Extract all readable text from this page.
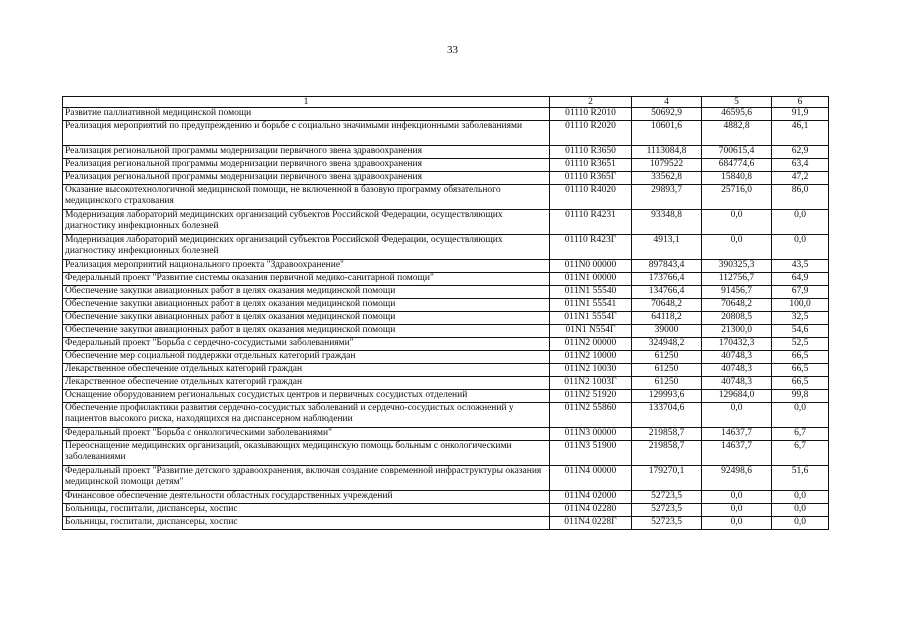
33
1	2	4	5	6
Развитие паллиативной медицинской помощи	01110 R2010	50692,9	46595,6	91,9
Реализация мероприятий по предупреждению и борьбе с социально значимыми инфекционными заболеваниями	01110 R2020	10601,6	4882,8	46,1
Реализация региональной программы модернизации первичного звена здравоохранения	01110 R3650	1113084,8	700615,4	62,9
Реализация региональной программы модернизации первичного звена здравоохранения	01110 R3651	1079522	684774,6	63,4
Реализация региональной программы модернизации первичного звена здравоохранения	01110 R365Г	33562,8	15840,8	47,2
Оказание высокотехнологичной медицинской помощи, не включенной в базовую программу обязательного медицинского страхования	01110 R4020	29893,7	25716,0	86,0
Модернизация лабораторий медицинских организаций субъектов Российской Федерации, осуществляющих диагностику инфекционных болезней	01110 R4231	93348,8	0,0	0,0
Модернизация лабораторий медицинских организаций субъектов Российской Федерации, осуществляющих диагностику инфекционных болезней	01110 R423Г	4913,1	0,0	0,0
Реализация мероприятий национального проекта "Здравоохранение"	011N0 00000	897843,4	390325,3	43,5
Федеральный проект "Развитие системы оказания первичной медико-санитарной помощи"	011N1 00000	173766,4	112756,7	64,9
Обеспечение закупки авиационных работ в целях оказания медицинской помощи	011N1 55540	134766,4	91456,7	67,9
Обеспечение закупки авиационных работ в целях оказания медицинской помощи	011N1 55541	70648,2	70648,2	100,0
Обеспечение закупки авиационных работ в целях оказания медицинской помощи	011N1 5554Г	64118,2	20808,5	32,5
Обеспечение закупки авиационных работ в целях оказания медицинской помощи	01N1 N554Г	39000	21300,0	54,6
Федеральный проект "Борьба с сердечно-сосудистыми заболеваниями"	011N2 00000	324948,2	170432,3	52,5
Обеспечение мер социальной поддержки отдельных категорий граждан	011N2 10000	61250	40748,3	66,5
Лекарственное обеспечение отдельных категорий граждан	011N2 10030	61250	40748,3	66,5
Лекарственное обеспечение отдельных категорий граждан	011N2 1003Г	61250	40748,3	66,5
Оснащение оборудованием региональных сосудистых центров и первичных сосудистых отделений	011N2 51920	129993,6	129684,0	99,8
Обеспечение профилактики развития сердечно-сосудистых заболеваний и сердечно-сосудистых осложнений у пациентов высокого риска, находящихся на диспансерном наблюдении	011N2 55860	133704,6	0,0	0,0
Федеральный проект "Борьба с онкологическими заболеваниями"	011N3 00000	219858,7	14637,7	6,7
Переоснащение медицинских организаций, оказывающих медицинскую помощь больным с онкологическими заболеваниями	011N3 51900	219858,7	14637,7	6,7
Федеральный проект "Развитие детского здравоохранения, включая создание современной инфраструктуры оказания медицинской помощи детям"	011N4 00000	179270,1	92498,6	51,6
Финансовое обеспечение деятельности областных государственных учреждений	011N4 02000	52723,5	0,0	0,0
Больницы, госпитали, диспансеры, хоспис	011N4 02280	52723,5	0,0	0,0
Больницы, госпитали, диспансеры, хоспис	011N4 0228Г	52723,5	0,0	0,0
